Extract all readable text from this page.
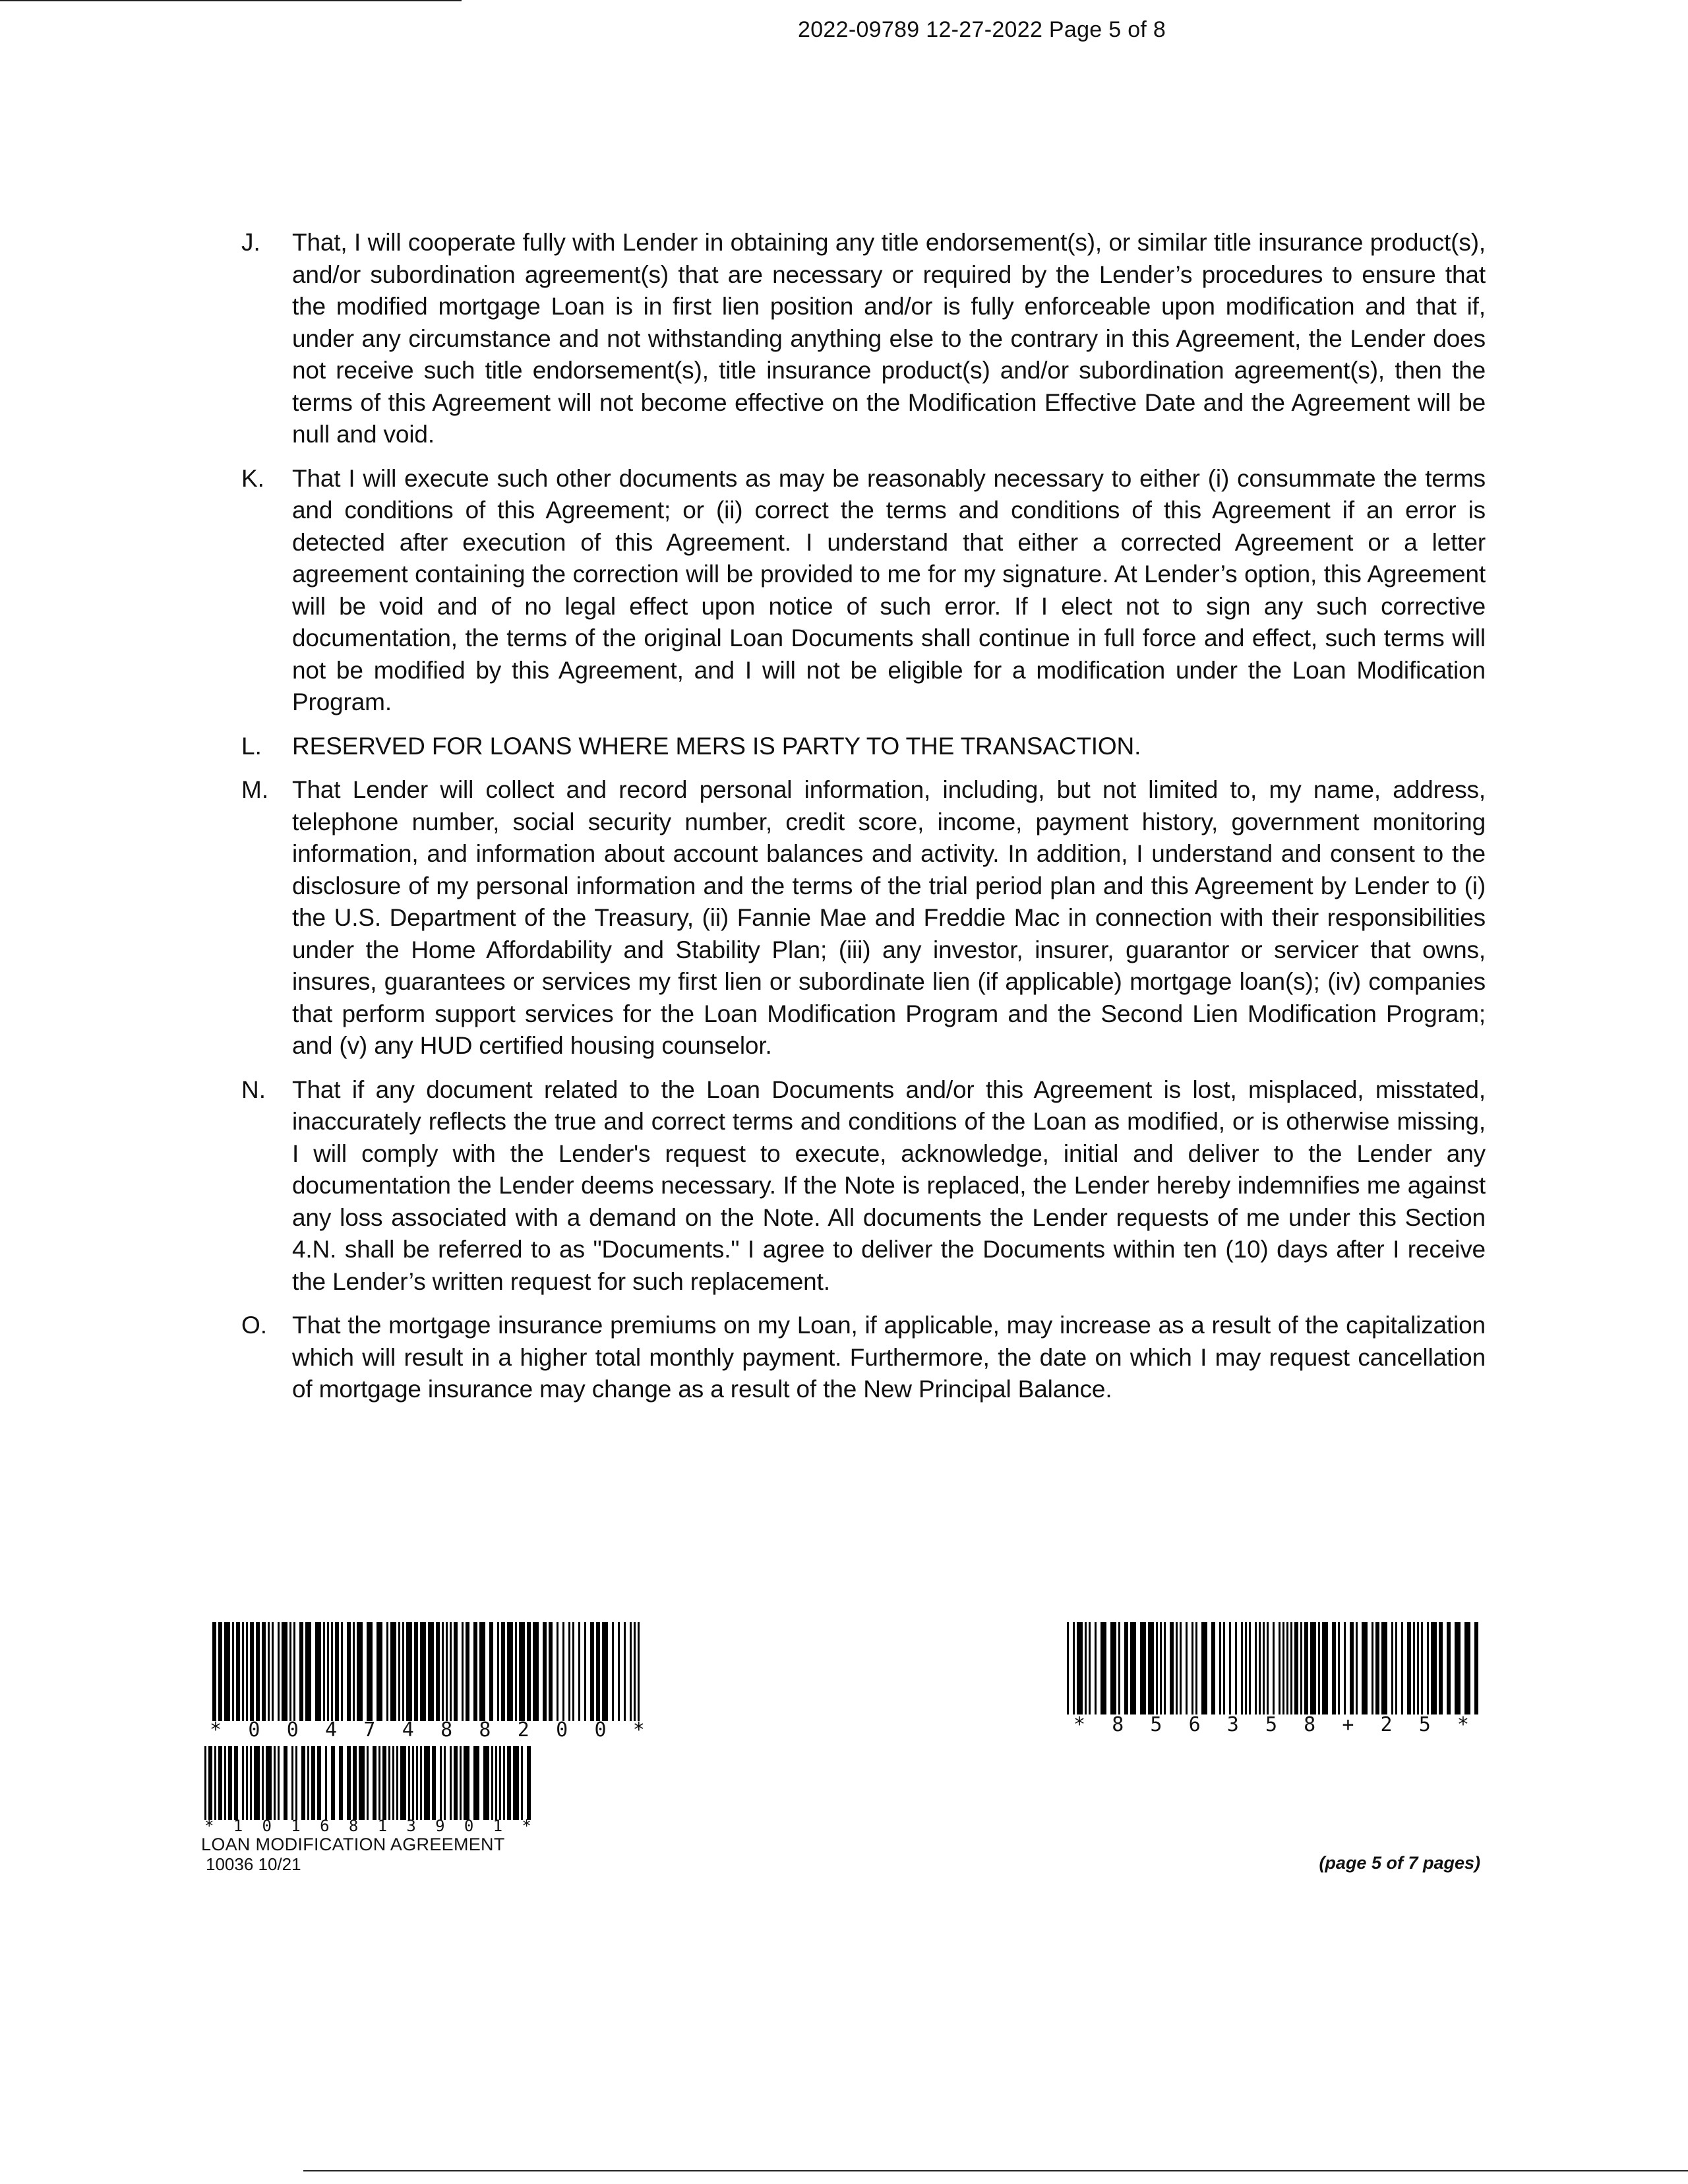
2022-09789 12-27-2022 Page 5 of 8
J. That, I will cooperate fully with Lender in obtaining any title endorsement(s), or similar title insurance product(s), and/or subordination agreement(s) that are necessary or required by the Lender’s procedures to ensure that the modified mortgage Loan is in first lien position and/or is fully enforceable upon modification and that if, under any circumstance and not withstanding anything else to the contrary in this Agreement, the Lender does not receive such title endorsement(s), title insurance product(s) and/or subordination agreement(s), then the terms of this Agreement will not become effective on the Modification Effective Date and the Agreement will be null and void.
K. That I will execute such other documents as may be reasonably necessary to either (i) consummate the terms and conditions of this Agreement; or (ii) correct the terms and conditions of this Agreement if an error is detected after execution of this Agreement. I understand that either a corrected Agreement or a letter agreement containing the correction will be provided to me for my signature. At Lender’s option, this Agreement will be void and of no legal effect upon notice of such error. If I elect not to sign any such corrective documentation, the terms of the original Loan Documents shall continue in full force and effect, such terms will not be modified by this Agreement, and I will not be eligible for a modification under the Loan Modification Program.
L. RESERVED FOR LOANS WHERE MERS IS PARTY TO THE TRANSACTION.
M. That Lender will collect and record personal information, including, but not limited to, my name, address, telephone number, social security number, credit score, income, payment history, government monitoring information, and information about account balances and activity. In addition, I understand and consent to the disclosure of my personal information and the terms of the trial period plan and this Agreement by Lender to (i) the U.S. Department of the Treasury, (ii) Fannie Mae and Freddie Mac in connection with their responsibilities under the Home Affordability and Stability Plan; (iii) any investor, insurer, guarantor or servicer that owns, insures, guarantees or services my first lien or subordinate lien (if applicable) mortgage loan(s); (iv) companies that perform support services for the Loan Modification Program and the Second Lien Modification Program; and (v) any HUD certified housing counselor.
N. That if any document related to the Loan Documents and/or this Agreement is lost, misplaced, misstated, inaccurately reflects the true and correct terms and conditions of the Loan as modified, or is otherwise missing, I will comply with the Lender's request to execute, acknowledge, initial and deliver to the Lender any documentation the Lender deems necessary. If the Note is replaced, the Lender hereby indemnifies me against any loss associated with a demand on the Note. All documents the Lender requests of me under this Section 4.N. shall be referred to as "Documents." I agree to deliver the Documents within ten (10) days after I receive the Lender’s written request for such replacement.
O. That the mortgage insurance premiums on my Loan, if applicable, may increase as a result of the capitalization which will result in a higher total monthly payment. Furthermore, the date on which I may request cancellation of mortgage insurance may change as a result of the New Principal Balance.
* 0 0 4 7 4 8 8 2 0 0 *	* 8 5 6 3 5 8 + 2 5 *
* 1 0 1 6 8 1 3 9 0 1 *
LOAN MODIFICATION AGREEMENT
10036 10/21	(page 5 of 7 pages)
